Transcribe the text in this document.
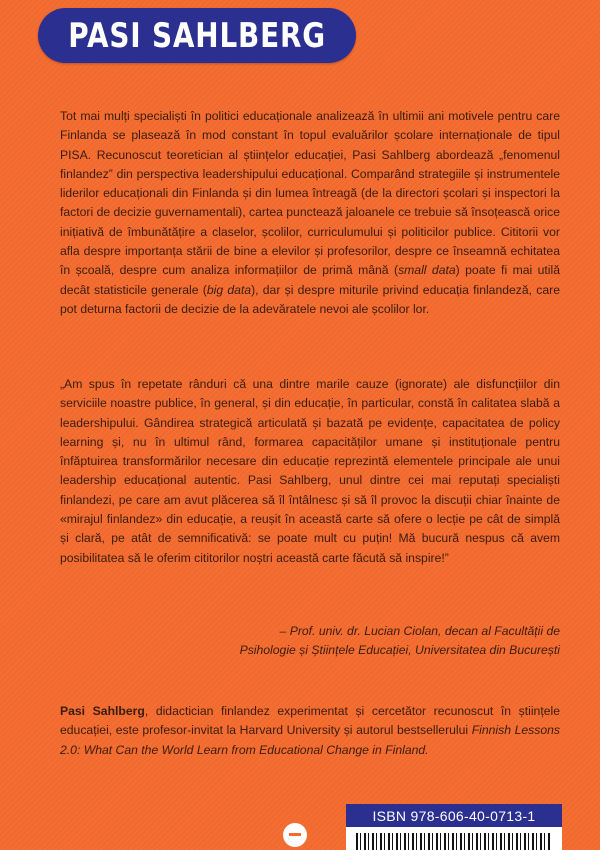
PASI SAHLBERG

Tot mai mulți specialiști în politici educaționale analizează în ultimii ani motivele pentru care Finlanda se plasează în mod constant în topul evaluărilor școlare internaționale de tipul PISA. Recunoscut teoretician al științelor educației, Pasi Sahlberg abordează „fenomenul finlandez” din perspectiva leadershipului educațional. Comparând strategiile și instrumentele liderilor educaționali din Finlanda și din lumea întreagă (de la directori școlari și inspectori la factori de decizie guvernamentali), cartea punctează jaloanele ce trebuie să însoțească orice inițiativă de îmbunătățire a claselor, școlilor, curriculumului și politicilor publice. Cititorii vor afla despre importanța stării de bine a elevilor și profesorilor, despre ce înseamnă echitatea în școală, despre cum analiza informațiilor de primă mână (small data) poate fi mai utilă decât statisticile generale (big data), dar și despre miturile privind educația finlandeză, care pot deturna factorii de decizie de la adevăratele nevoi ale școlilor lor.

„Am spus în repetate rânduri că una dintre marile cauze (ignorate) ale disfuncțiilor din serviciile noastre publice, în general, și din educație, în particular, constă în calitatea slabă a leadershipului. Gândirea strategică articulată și bazată pe evidențe, capacitatea de policy learning și, nu în ultimul rând, formarea capacităților umane și instituționale pentru înfăptuirea transformărilor necesare din educație reprezintă elementele principale ale unui leadership educațional autentic. Pasi Sahlberg, unul dintre cei mai reputați specialiști finlandezi, pe care am avut plăcerea să îl întâlnesc și să îl provoc la discuții chiar înainte de «mirajul finlandez» din educație, a reușit în această carte să ofere o lecție pe cât de simplă și clară, pe atât de semnificativă: se poate mult cu puțin! Mă bucură nespus că avem posibilitatea să le oferim cititorilor noștri această carte făcută să inspire!”

– Prof. univ. dr. Lucian Ciolan, decan al Facultății de
Psihologie și Științele Educației, Universitatea din București

Pasi Sahlberg, didactician finlandez experimentat și cercetător recunoscut în științele educației, este profesor-invitat la Harvard University și autorul bestsellerului Finnish Lessons 2.0: What Can the World Learn from Educational Change in Finland.

ISBN 978-606-40-0713-1
